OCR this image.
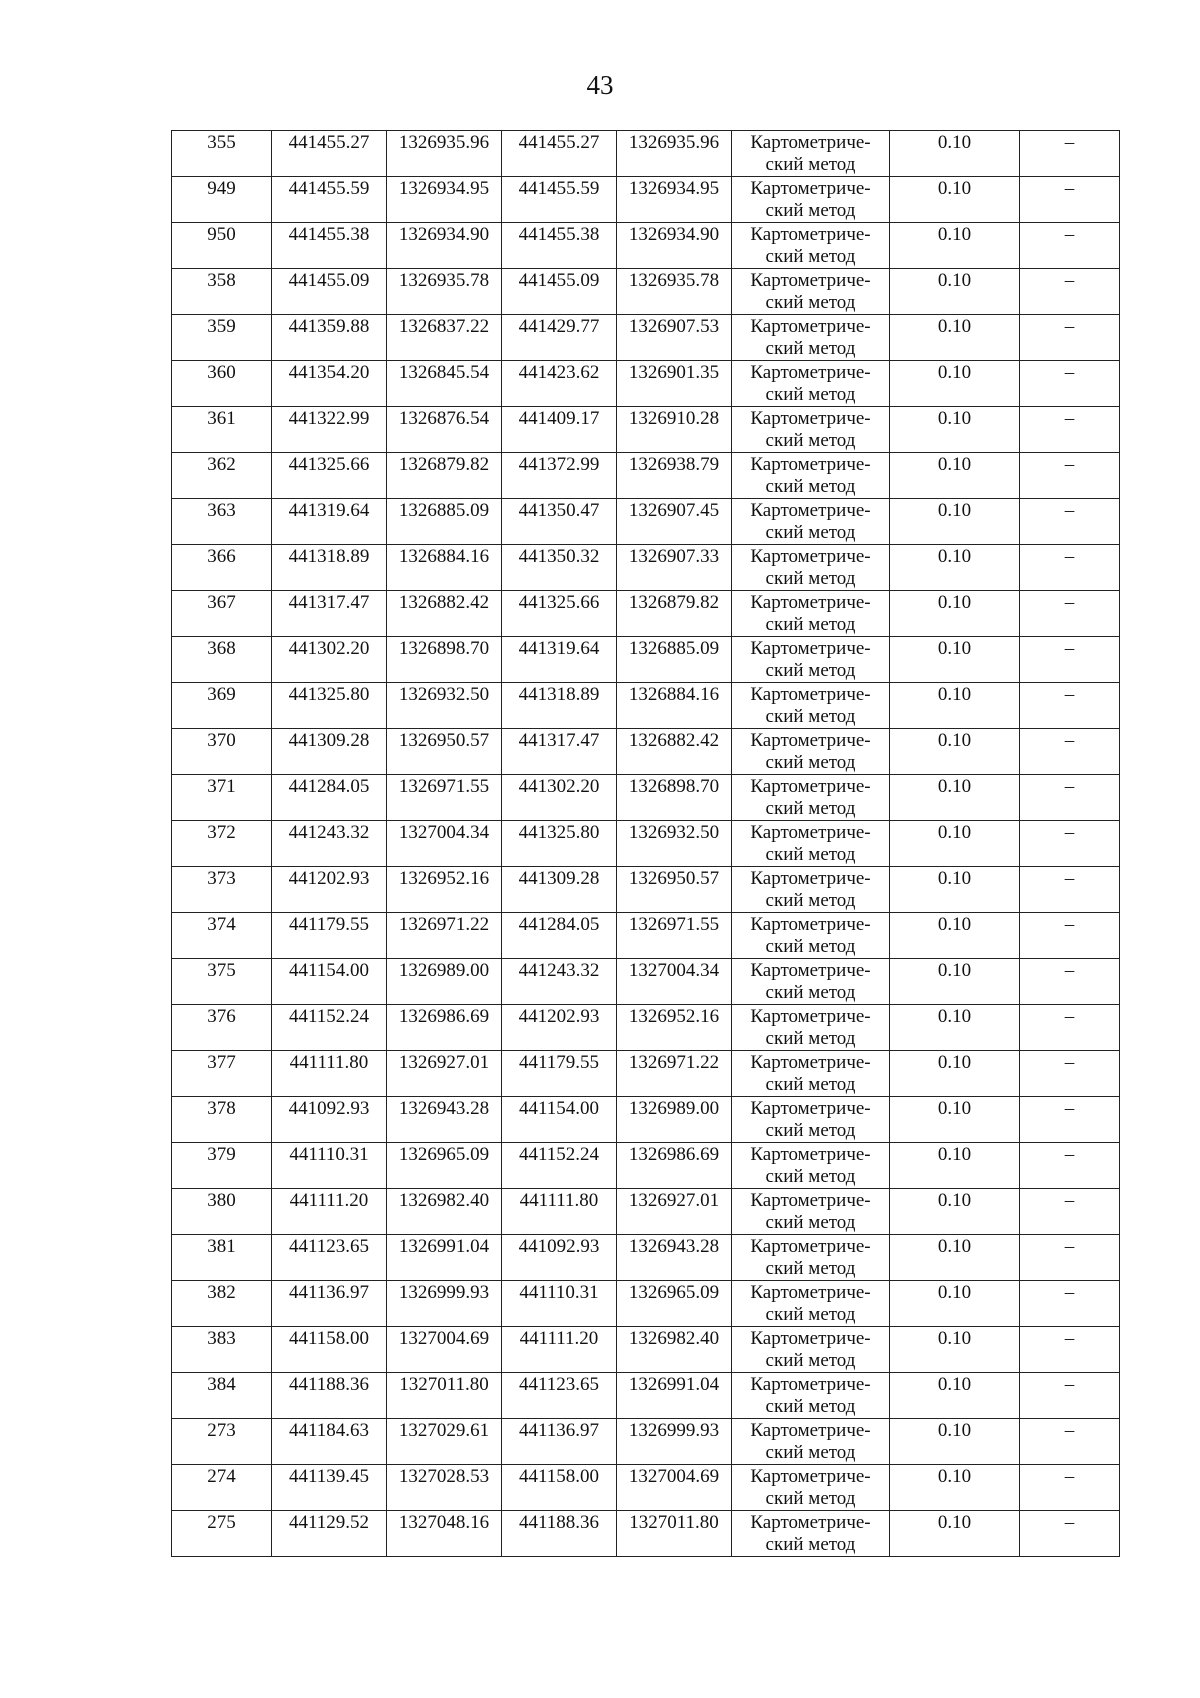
43
355	441455.27	1326935.96	441455.27	1326935.96	Картометриче-
ский метод	0.10	–
949	441455.59	1326934.95	441455.59	1326934.95	Картометриче-
ский метод	0.10	–
950	441455.38	1326934.90	441455.38	1326934.90	Картометриче-
ский метод	0.10	–
358	441455.09	1326935.78	441455.09	1326935.78	Картометриче-
ский метод	0.10	–
359	441359.88	1326837.22	441429.77	1326907.53	Картометриче-
ский метод	0.10	–
360	441354.20	1326845.54	441423.62	1326901.35	Картометриче-
ский метод	0.10	–
361	441322.99	1326876.54	441409.17	1326910.28	Картометриче-
ский метод	0.10	–
362	441325.66	1326879.82	441372.99	1326938.79	Картометриче-
ский метод	0.10	–
363	441319.64	1326885.09	441350.47	1326907.45	Картометриче-
ский метод	0.10	–
366	441318.89	1326884.16	441350.32	1326907.33	Картометриче-
ский метод	0.10	–
367	441317.47	1326882.42	441325.66	1326879.82	Картометриче-
ский метод	0.10	–
368	441302.20	1326898.70	441319.64	1326885.09	Картометриче-
ский метод	0.10	–
369	441325.80	1326932.50	441318.89	1326884.16	Картометриче-
ский метод	0.10	–
370	441309.28	1326950.57	441317.47	1326882.42	Картометриче-
ский метод	0.10	–
371	441284.05	1326971.55	441302.20	1326898.70	Картометриче-
ский метод	0.10	–
372	441243.32	1327004.34	441325.80	1326932.50	Картометриче-
ский метод	0.10	–
373	441202.93	1326952.16	441309.28	1326950.57	Картометриче-
ский метод	0.10	–
374	441179.55	1326971.22	441284.05	1326971.55	Картометриче-
ский метод	0.10	–
375	441154.00	1326989.00	441243.32	1327004.34	Картометриче-
ский метод	0.10	–
376	441152.24	1326986.69	441202.93	1326952.16	Картометриче-
ский метод	0.10	–
377	441111.80	1326927.01	441179.55	1326971.22	Картометриче-
ский метод	0.10	–
378	441092.93	1326943.28	441154.00	1326989.00	Картометриче-
ский метод	0.10	–
379	441110.31	1326965.09	441152.24	1326986.69	Картометриче-
ский метод	0.10	–
380	441111.20	1326982.40	441111.80	1326927.01	Картометриче-
ский метод	0.10	–
381	441123.65	1326991.04	441092.93	1326943.28	Картометриче-
ский метод	0.10	–
382	441136.97	1326999.93	441110.31	1326965.09	Картометриче-
ский метод	0.10	–
383	441158.00	1327004.69	441111.20	1326982.40	Картометриче-
ский метод	0.10	–
384	441188.36	1327011.80	441123.65	1326991.04	Картометриче-
ский метод	0.10	–
273	441184.63	1327029.61	441136.97	1326999.93	Картометриче-
ский метод	0.10	–
274	441139.45	1327028.53	441158.00	1327004.69	Картометриче-
ский метод	0.10	–
275	441129.52	1327048.16	441188.36	1327011.80	Картометриче-
ский метод	0.10	–
